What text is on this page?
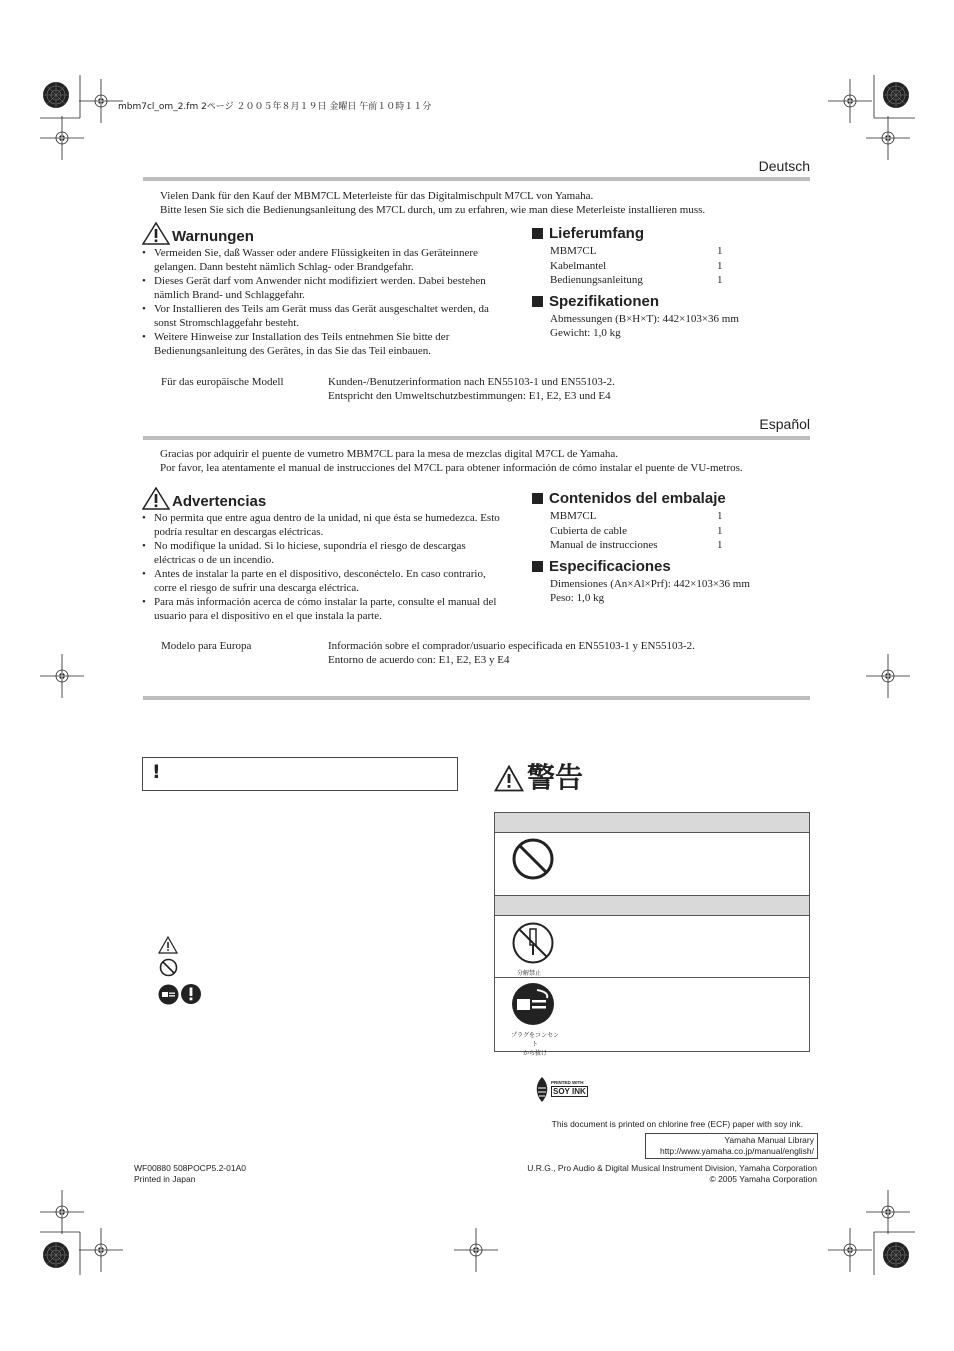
mbm7cl_om_2.fm 2ページ ２００５年８月１９日 金曜日 午前１０時１１分
Deutsch
Vielen Dank für den Kauf der MBM7CL Meterleiste für das Digitalmischpult M7CL von Yamaha.
Bitte lesen Sie sich die Bedienungsanleitung des M7CL durch, um zu erfahren, wie man diese Meterleiste installieren muss.
Warnungen
• Vermeiden Sie, daß Wasser oder andere Flüssigkeiten in das Geräteinnere gelangen. Dann besteht nämlich Schlag- oder Brandgefahr.
• Dieses Gerät darf vom Anwender nicht modifiziert werden. Dabei bestehen nämlich Brand- und Schlaggefahr.
• Vor Installieren des Teils am Gerät muss das Gerät ausgeschaltet werden, da sonst Stromschlaggefahr besteht.
• Weitere Hinweise zur Installation des Teils entnehmen Sie bitte der Bedienungsanleitung des Gerätes, in das Sie das Teil einbauen.
Lieferumfang
MBM7CL	1
Kabelmantel	1
Bedienungsanleitung	1
Spezifikationen
Abmessungen (B×H×T): 442×103×36 mm
Gewicht: 1,0 kg
Für das europäische Modell	Kunden-/Benutzerinformation nach EN55103-1 und EN55103-2.
Entspricht den Umweltschutzbestimmungen: E1, E2, E3 und E4
Español
Gracias por adquirir el puente de vumetro MBM7CL para la mesa de mezclas digital M7CL de Yamaha.
Por favor, lea atentamente el manual de instrucciones del M7CL para obtener información de cómo instalar el puente de VU-metros.
Advertencias
• No permita que entre agua dentro de la unidad, ni que ésta se humedezca. Esto podría resultar en descargas eléctricas.
• No modifique la unidad. Si lo hiciese, supondría el riesgo de descargas eléctricas o de un incendio.
• Antes de instalar la parte en el dispositivo, desconéctelo. En caso contrario, corre el riesgo de sufrir una descarga eléctrica.
• Para más información acerca de cómo instalar la parte, consulte el manual del usuario para el dispositivo en el que instala la parte.
Contenidos del embalaje
MBM7CL	1
Cubierta de cable	1
Manual de instrucciones	1
Especificaciones
Dimensiones (An×Al×Prf): 442×103×36 mm
Peso: 1,0 kg
Modelo para Europa	Información sobre el comprador/usuario especificada en EN55103-1 y EN55103-2.
Entorno de acuerdo con: E1, E2, E3 y E4
!	警告
分解禁止
プラグをコンセント
から抜け
PRINTED WITH
SOY INK
This document is printed on chlorine free (ECF) paper with soy ink.
Yamaha Manual Library
http://www.yamaha.co.jp/manual/english/
WF00880 508POCP5.2-01A0
Printed in Japan
U.R.G., Pro Audio & Digital Musical Instrument Division, Yamaha Corporation
© 2005 Yamaha Corporation
